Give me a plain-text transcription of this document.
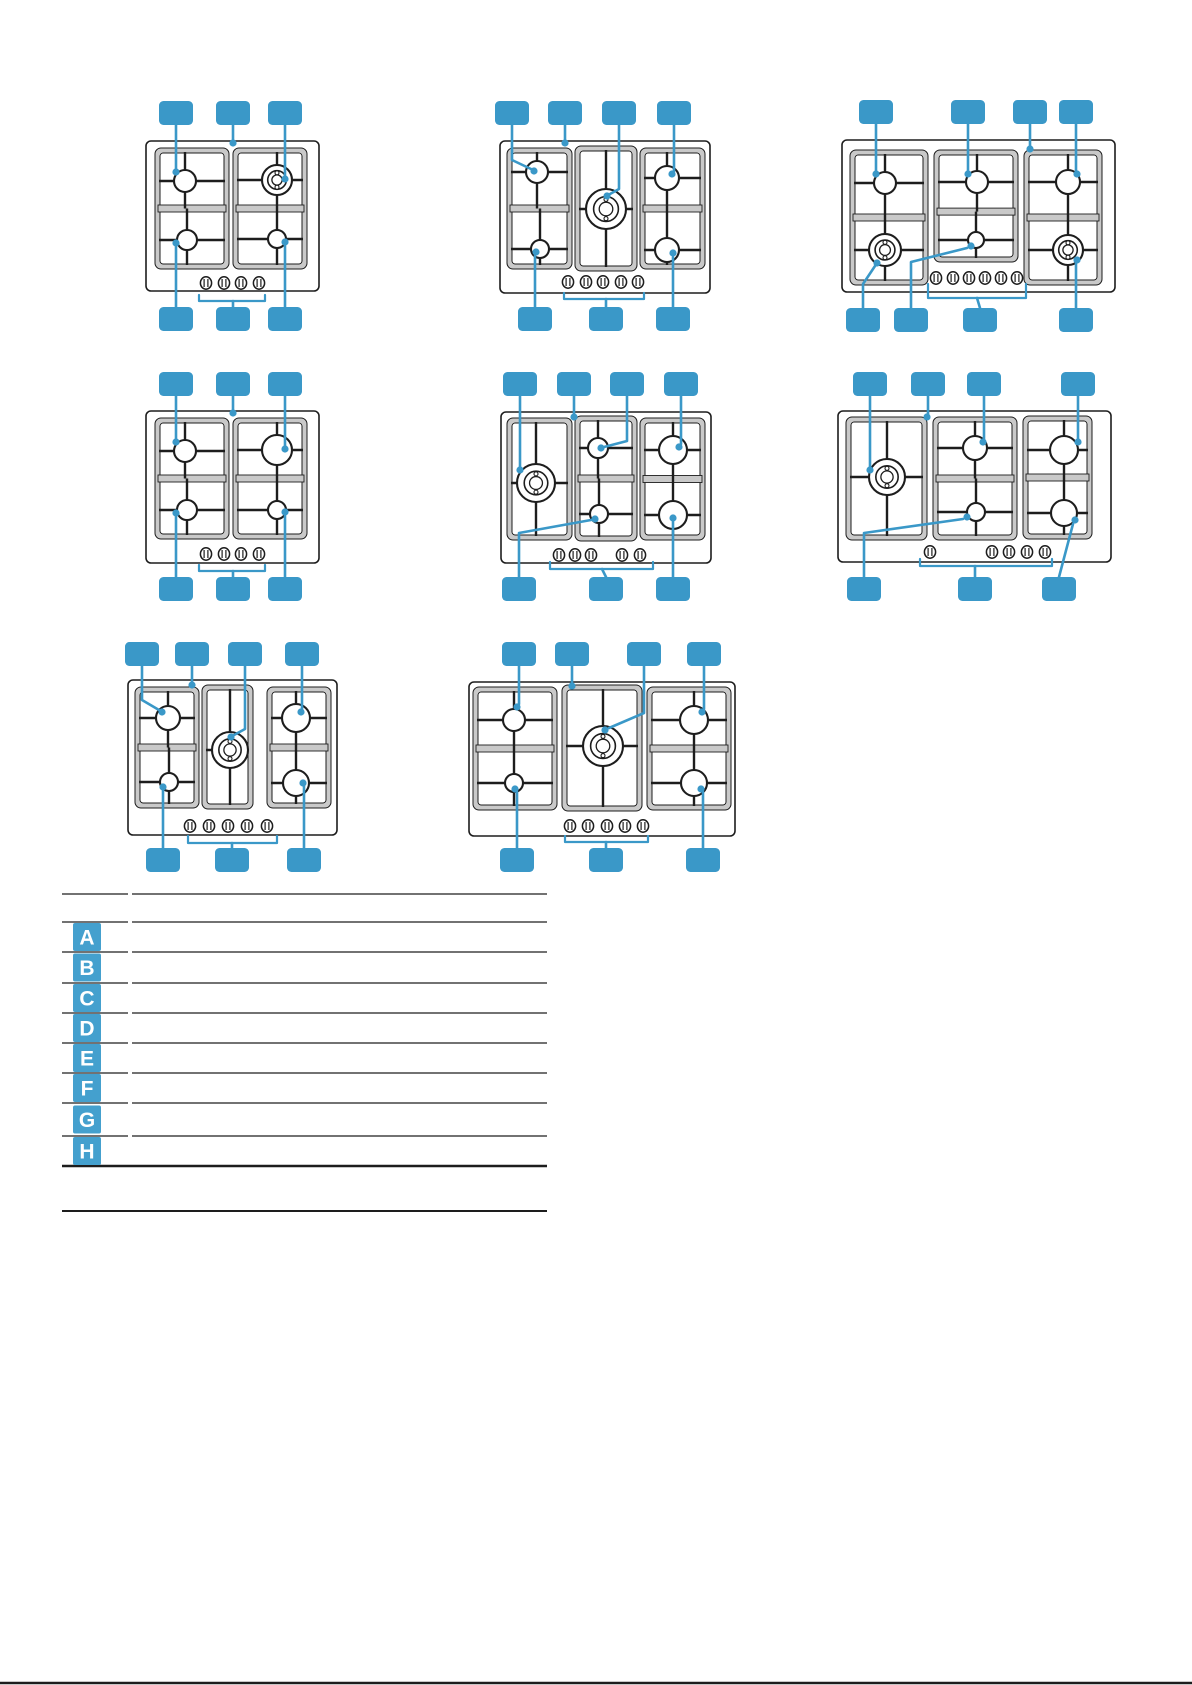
A
B
C
D
E
F
G
H
